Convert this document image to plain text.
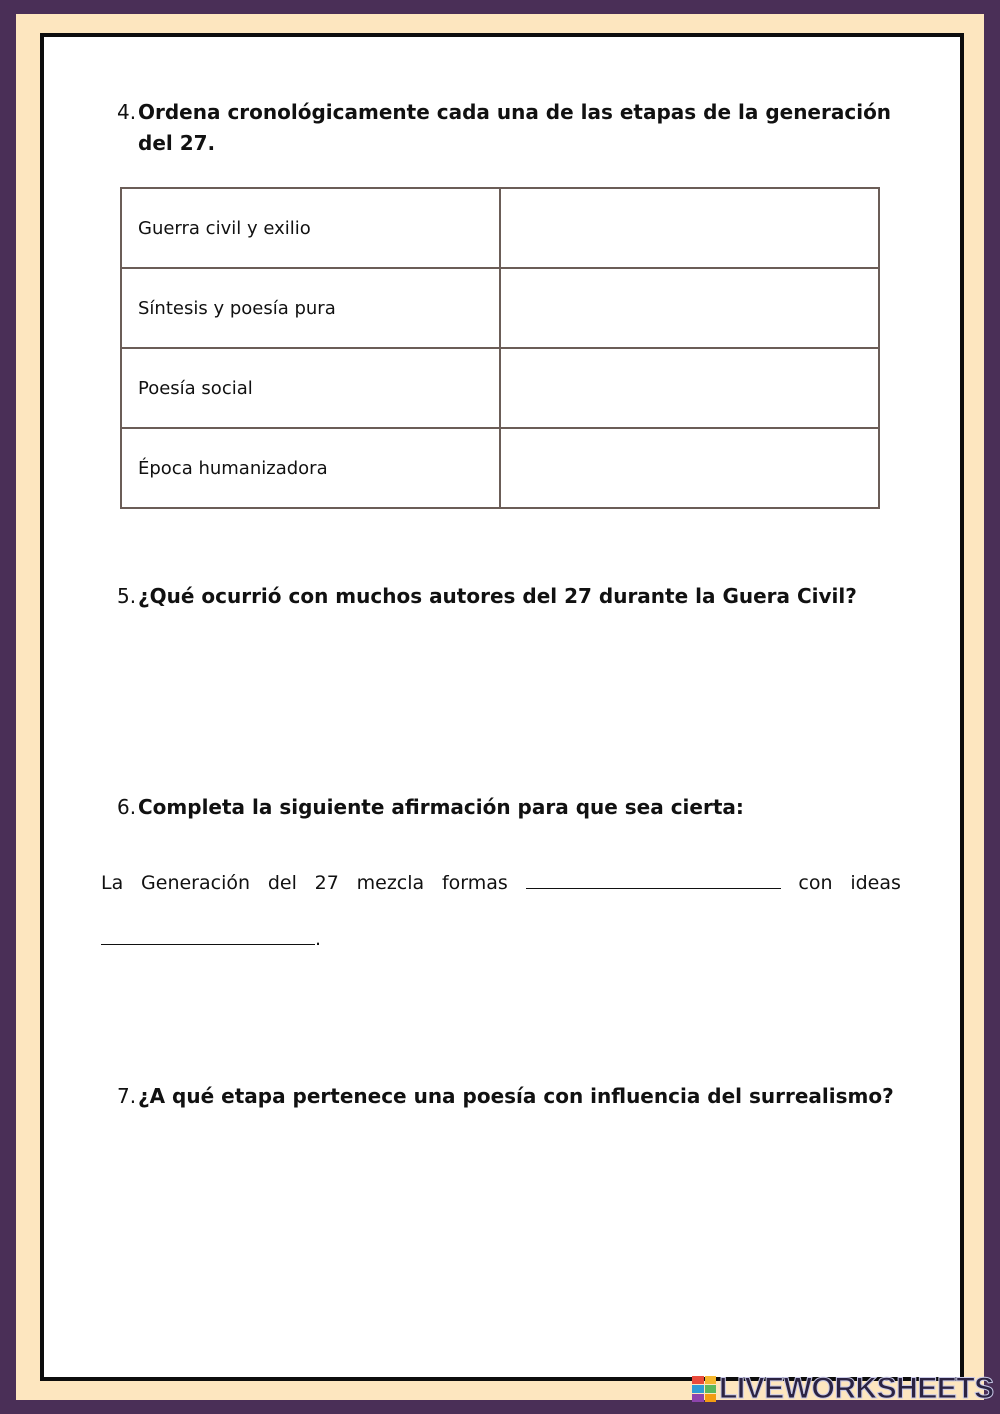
4. Ordena cronológicamente cada una de las etapas de la generación del 27.
Guerra civil y exilio	
Síntesis y poesía pura	
Poesía social	
Época humanizadora	
5. ¿Qué ocurrió con muchos autores del 27 durante la Guera Civil?
6. Completa la siguiente afirmación para que sea cierta:
La Generación del 27 mezcla formas	con ideas
.
7. ¿A qué etapa pertenece una poesía con influencia del surrealismo?
LIVEWORKSHEETS
